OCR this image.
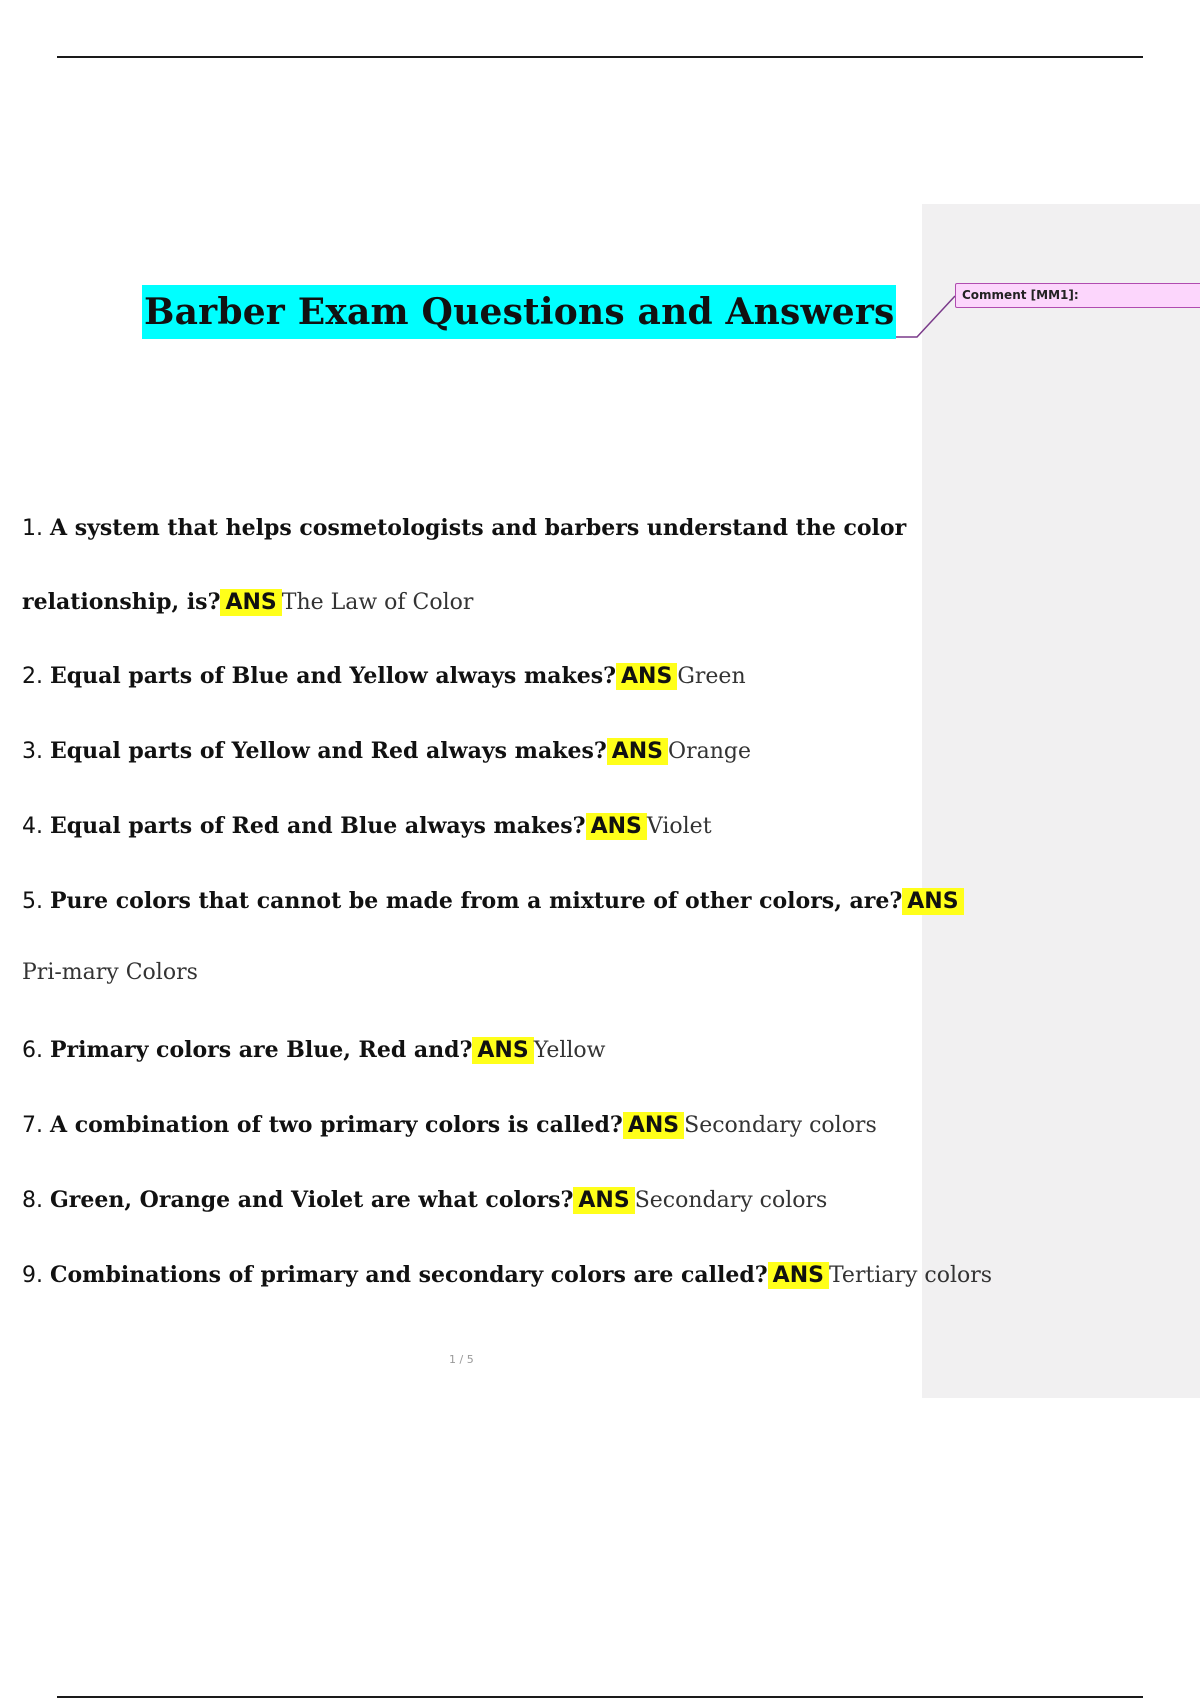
Comment [MM1]:
Barber Exam Questions and Answers
1. A system that helps cosmetologists and barbers understand the color
relationship, is? ANS The Law of Color
2. Equal parts of Blue and Yellow always makes? ANS Green
3. Equal parts of Yellow and Red always makes? ANS Orange
4. Equal parts of Red and Blue always makes? ANS Violet
5. Pure colors that cannot be made from a mixture of other colors, are? ANS
Pri-mary Colors
6. Primary colors are Blue, Red and? ANS Yellow
7. A combination of two primary colors is called? ANS Secondary colors
8. Green, Orange and Violet are what colors? ANS Secondary colors
9. Combinations of primary and secondary colors are called? ANS Tertiary colors
1 / 5
